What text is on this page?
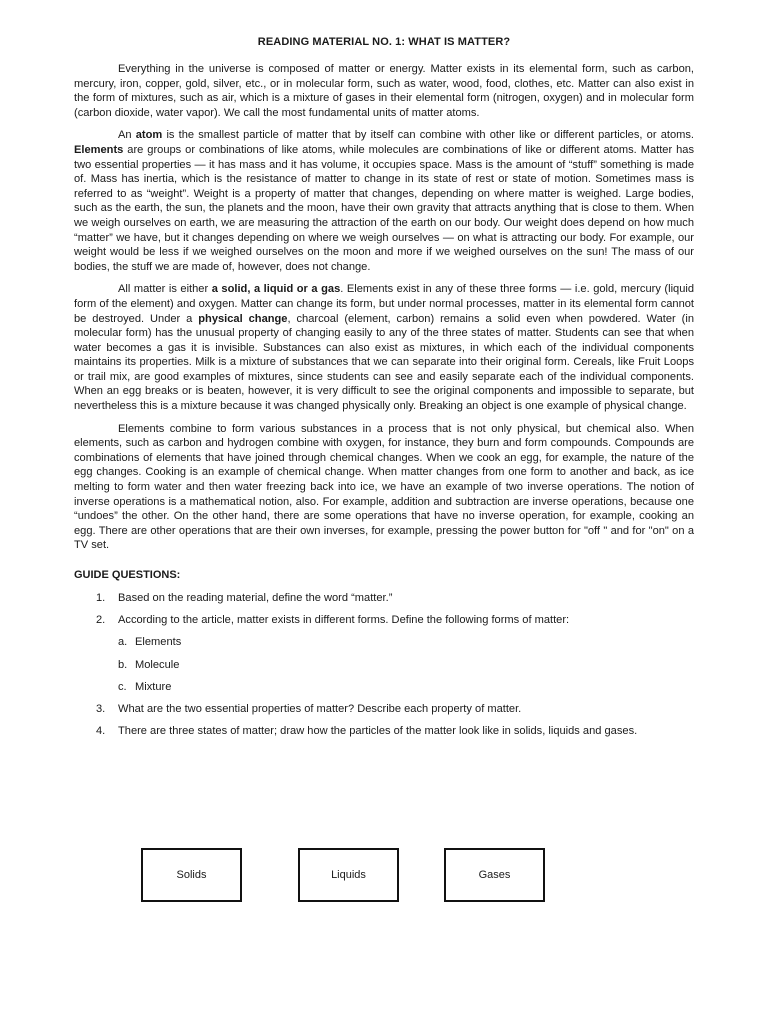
READING MATERIAL NO. 1: WHAT IS MATTER?

Everything in the universe is composed of matter or energy. Matter exists in its elemental form, such as carbon, mercury, iron, copper, gold, silver, etc., or in molecular form, such as water, wood, food, clothes, etc. Matter can also exist in the form of mixtures, such as air, which is a mixture of gases in their elemental form (nitrogen, oxygen) and in molecular form (carbon dioxide, water vapor). We call the most fundamental units of matter atoms.

An atom is the smallest particle of matter that by itself can combine with other like or different particles, or atoms. Elements are groups or combinations of like atoms, while molecules are combinations of like or different atoms. Matter has two essential properties — it has mass and it has volume, it occupies space. Mass is the amount of “stuff” something is made of. Mass has inertia, which is the resistance of matter to change in its state of rest or state of motion. Sometimes mass is referred to as “weight”. Weight is a property of matter that changes, depending on where matter is weighed. Large bodies, such as the earth, the sun, the planets and the moon, have their own gravity that attracts anything that is close to them. When we weigh ourselves on earth, we are measuring the attraction of the earth on our body. Our weight does depend on how much “matter” we have, but it changes depending on where we weigh ourselves — on what is attracting our body. For example, our weight would be less if we weighed ourselves on the moon and more if we weighed ourselves on the sun! The mass of our bodies, the stuff we are made of, however, does not change.

All matter is either a solid, a liquid or a gas. Elements exist in any of these three forms — i.e. gold, mercury (liquid form of the element) and oxygen. Matter can change its form, but under normal processes, matter in its elemental form cannot be destroyed. Under a physical change, charcoal (element, carbon) remains a solid even when powdered. Water (in molecular form) has the unusual property of changing easily to any of the three states of matter. Students can see that when water becomes a gas it is invisible. Substances can also exist as mixtures, in which each of the individual components maintains its properties. Milk is a mixture of substances that we can separate into their original form. Cereals, like Fruit Loops or trail mix, are good examples of mixtures, since students can see and easily separate each of the individual components. When an egg breaks or is beaten, however, it is very difficult to see the original components and impossible to separate, but nevertheless this is a mixture because it was changed physically only. Breaking an object is one example of physical change.

Elements combine to form various substances in a process that is not only physical, but chemical also. When elements, such as carbon and hydrogen combine with oxygen, for instance, they burn and form compounds. Compounds are combinations of elements that have joined through chemical changes. When we cook an egg, for example, the nature of the egg changes. Cooking is an example of chemical change. When matter changes from one form to another and back, as ice melting to form water and then water freezing back into ice, we have an example of two inverse operations. The notion of inverse operations is a mathematical notion, also. For example, addition and subtraction are inverse operations, because one “undoes” the other. On the other hand, there are some operations that have no inverse operation, for example, cooking an egg. There are other operations that are their own inverses, for example, pressing the power button for "off " and for "on" on a TV set.

GUIDE QUESTIONS:
1.	Based on the reading material, define the word “matter.”
2.	According to the article, matter exists in different forms. Define the following forms of matter:
a. Elements
b. Molecule
c. Mixture
3.	What are the two essential properties of matter? Describe each property of matter.
4.	There are three states of matter; draw how the particles of the matter look like in solids, liquids and gases.
Solids	Liquids	Gases
